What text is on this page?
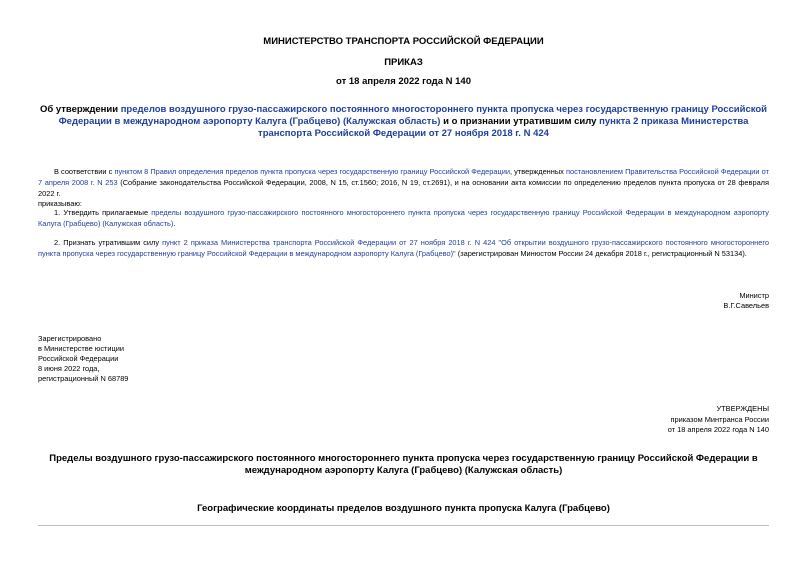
МИНИСТЕРСТВО ТРАНСПОРТА РОССИЙСКОЙ ФЕДЕРАЦИИ
ПРИКАЗ
от 18 апреля 2022 года N 140
Об утверждении пределов воздушного грузо-пассажирского постоянного многостороннего пункта пропуска через государственную границу Российской Федерации в международном аэропорту Калуга (Грабцево) (Калужская область) и о признании утратившим силу пункта 2 приказа Министерства транспорта Российской Федерации от 27 ноября 2018 г. N 424
В соответствии с пунктом 8 Правил определения пределов пункта пропуска через государственную границу Российской Федерации, утвержденных постановлением Правительства Российской Федерации от 7 апреля 2008 г. N 253 (Собрание законодательства Российской Федерации, 2008, N 15, ст.1560; 2016, N 19, ст.2691), и на основании акта комиссии по определению пределов пункта пропуска от 28 февраля 2022 г.
приказываю:
1. Утвердить прилагаемые пределы воздушного грузо-пассажирского постоянного многостороннего пункта пропуска через государственную границу Российской Федерации в международном аэропорту Калуга (Грабцево) (Калужская область).
2. Признать утратившим силу пункт 2 приказа Министерства транспорта Российской Федерации от 27 ноября 2018 г. N 424 "Об открытии воздушного грузо-пассажирского постоянного многостороннего пункта пропуска через государственную границу Российской Федерации в международном аэропорту Калуга (Грабцево)" (зарегистрирован Минюстом России 24 декабря 2018 г., регистрационный N 53134).
Министр
В.Г.Савельев
Зарегистрировано
в Министерстве юстиции
Российской Федерации
8 июня 2022 года,
регистрационный N 68789
УТВЕРЖДЕНЫ
приказом Минтранса России
от 18 апреля 2022 года N 140
Пределы воздушного грузо-пассажирского постоянного многостороннего пункта пропуска через государственную границу Российской Федерации в международном аэропорту Калуга (Грабцево) (Калужская область)
Географические координаты пределов воздушного пункта пропуска Калуга (Грабцево)
